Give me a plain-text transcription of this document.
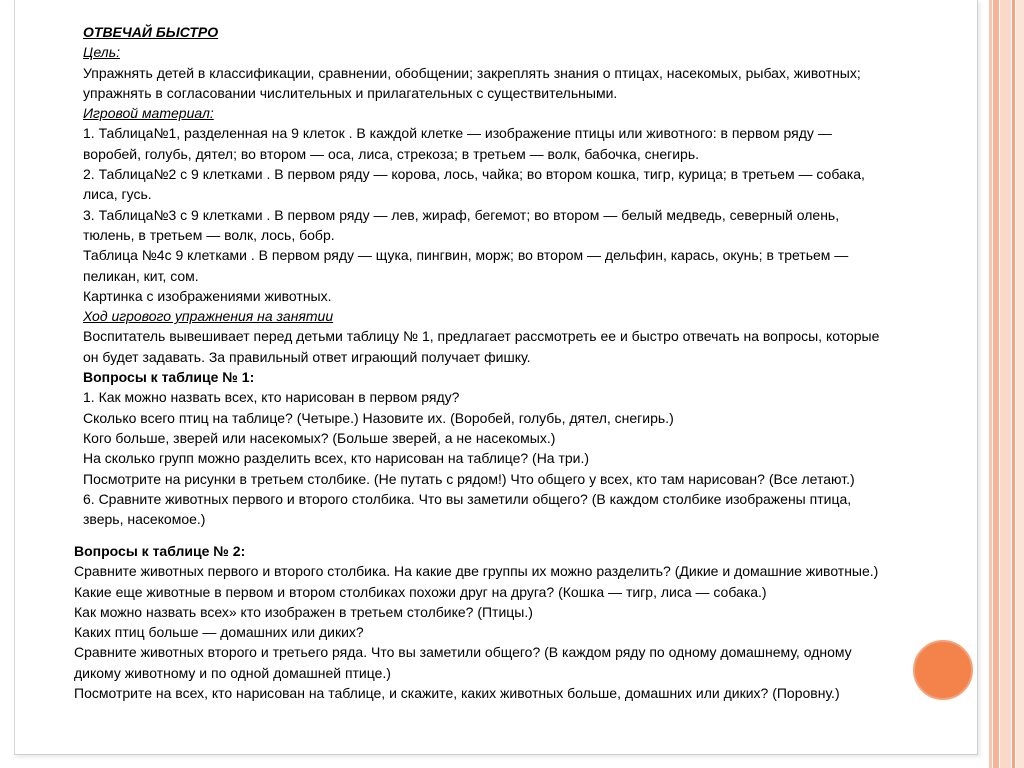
ОТВЕЧАЙ БЫСТРО
Цель:
Упражнять детей в классификации, сравнении, обобщении; закреплять знания о птицах, насекомых, рыбах, животных;
упражнять в согласовании числительных и прилагательных с существительными.
Игровой материал:
1. Таблица№1, разделенная на 9 клеток . В каждой клетке — изображение птицы или животного: в первом ряду —
воробей, голубь, дятел; во втором — оса, лиса, стрекоза; в третьем — волк, бабочка, снегирь.
2. Таблица№2 с 9 клетками . В первом ряду — корова, лось, чайка; во втором кошка, тигр, курица; в третьем — собака,
лиса, гусь.
3. Таблица№3 с 9 клетками . В первом ряду — лев, жираф, бегемот; во втором — белый медведь, северный олень,
тюлень, в третьем — волк, лось, бобр.
Таблица №4с 9 клетками . В первом ряду — щука, пингвин, морж; во втором — дельфин, карась, окунь; в третьем —
пеликан, кит, сом.
Картинка с изображениями животных.
Ход игрового упражнения на занятии
Воспитатель вывешивает перед детьми таблицу № 1, предлагает рассмотреть ее и быстро отвечать на вопросы, которые
он будет задавать. За правильный ответ играющий получает фишку.
Вопросы к таблице № 1:
1. Как можно назвать всех, кто нарисован в первом ряду?
Сколько всего птиц на таблице? (Четыре.) Назовите их. (Воробей, голубь, дятел, снегирь.)
Кого больше, зверей или насекомых? (Больше зверей, а не насекомых.)
На сколько групп можно разделить всех, кто нарисован на таблице? (На три.)
Посмотрите на рисунки в третьем столбике. (Не путать с рядом!) Что общего у всех, кто там нарисован? (Все летают.)
6. Сравните животных первого и второго столбика. Что вы заметили общего? (В каждом столбике изображены птица,
зверь, насекомое.)
Вопросы к таблице № 2:
Сравните животных первого и второго столбика. На какие две группы их можно разделить? (Дикие и домашние животные.)
Какие еще животные в первом и втором столбиках похожи друг на друга? (Кошка — тигр, лиса — собака.)
Как можно назвать всех» кто изображен в третьем столбике? (Птицы.)
Каких птиц больше — домашних или диких?
Сравните животных второго и третьего ряда. Что вы заметили общего? (В каждом ряду по одному домашнему, одному
дикому животному и по одной домашней птице.)
Посмотрите на всех, кто нарисован на таблице, и скажите, каких животных больше, домашних или диких? (Поровну.)
